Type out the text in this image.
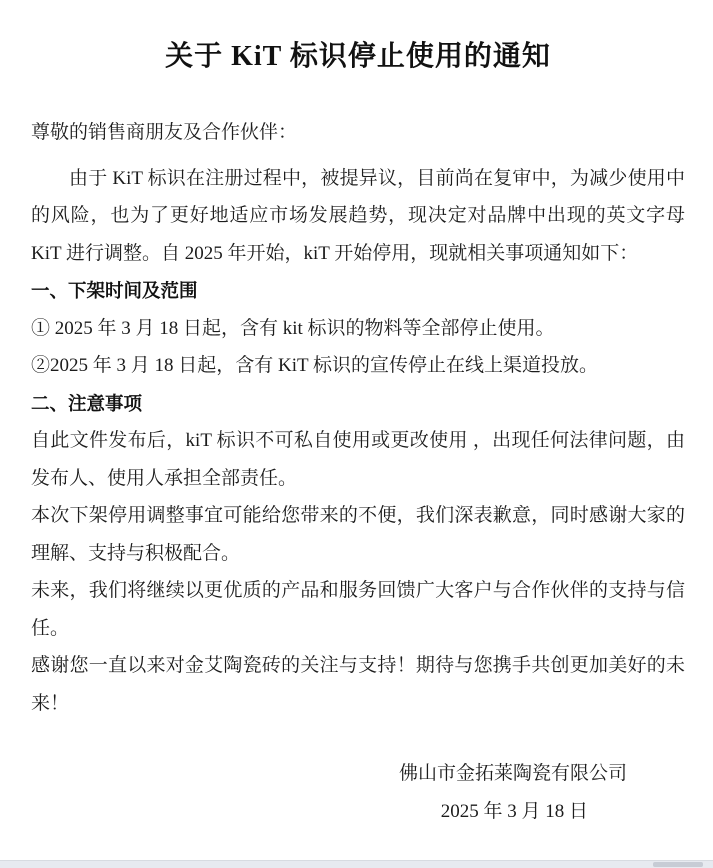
关于 KiT 标识停止使用的通知
尊敬的销售商朋友及合作伙伴：

由于 KiT 标识在注册过程中，被提异议，目前尚在复审中，为减少使用中的风险，也为了更好地适应市场发展趋势，现决定对品牌中出现的英文字母 KiT 进行调整。自 2025 年开始，kiT 开始停用，现就相关事项通知如下：

一、下架时间及范围
① 2025 年 3 月 18 日起，含有 kit 标识的物料等全部停止使用。
②2025 年 3 月 18 日起，含有 KiT 标识的宣传停止在线上渠道投放。
二、注意事项

自此文件发布后，kiT 标识不可私自使用或更改使用 ，出现任何法律问题，由发布人、使用人承担全部责任。

本次下架停用调整事宜可能给您带来的不便，我们深表歉意，同时感谢大家的理解、支持与积极配合。

未来，我们将继续以更优质的产品和服务回馈广大客户与合作伙伴的支持与信任。

感谢您一直以来对金艾陶瓷砖的关注与支持！期待与您携手共创更加美好的未来！

佛山市金拓莱陶瓷有限公司
2025 年 3 月 18 日
